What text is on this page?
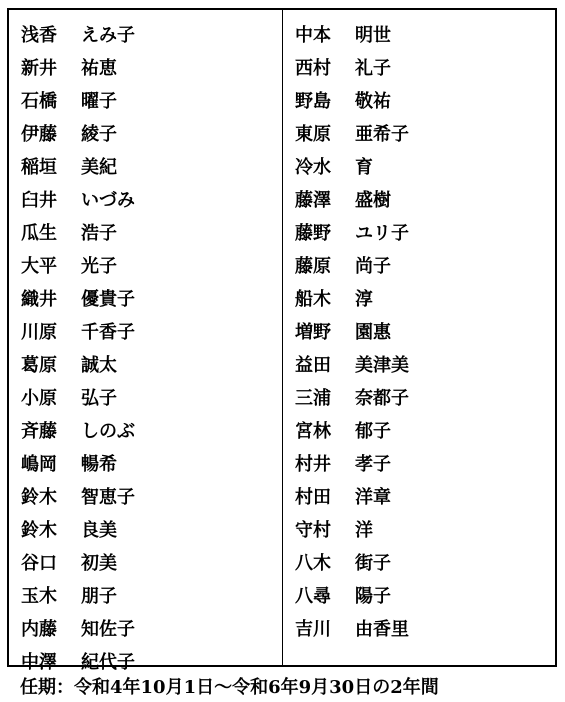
浅香	えみ子
新井	祐恵
石橋	曜子
伊藤	綾子
稲垣	美紀
臼井	いづみ
瓜生	浩子
大平	光子
織井	優貴子
川原	千香子
葛原	誠太
小原	弘子
斉藤	しのぶ
嶋岡	暢希
鈴木	智恵子
鈴木	良美
谷口	初美
玉木	朋子
内藤	知佐子
中澤	紀代子
中本	明世
西村	礼子
野島	敬祐
東原	亜希子
冷水	育
藤澤	盛樹
藤野	ユリ子
藤原	尚子
船木	淳
増野	園惠
益田	美津美
三浦	奈都子
宮林	郁子
村井	孝子
村田	洋章
守村	洋
八木	街子
八尋	陽子
吉川	由香里
任期：令和4年10月1日～令和6年9月30日の2年間
